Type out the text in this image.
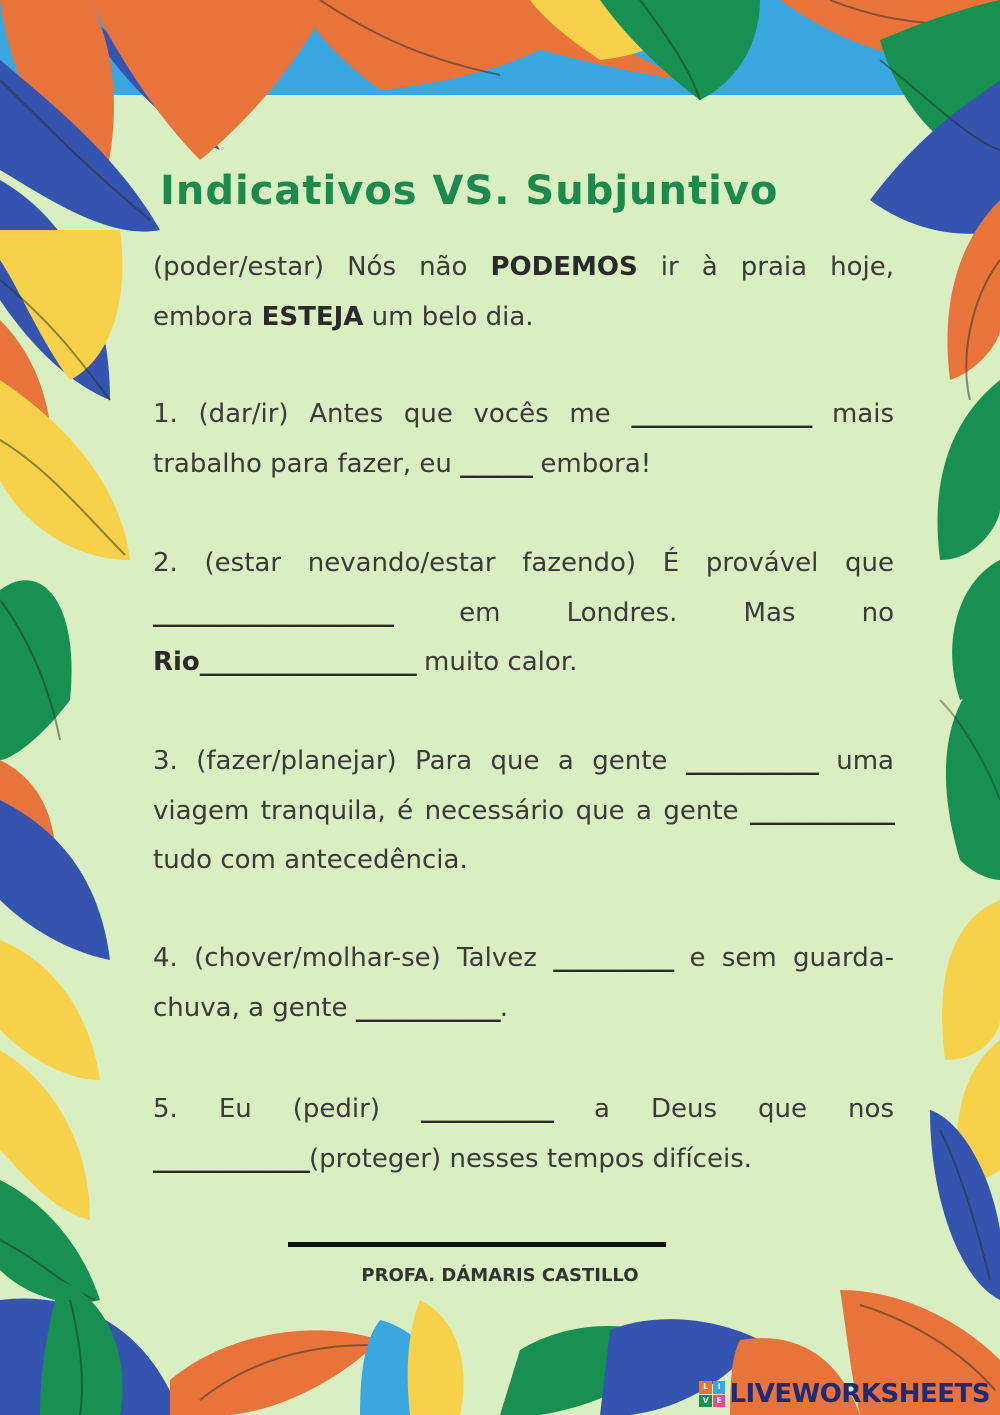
Indicativos VS. Subjuntivo
(poder/estar) Nós não PODEMOS ir à praia hoje, embora ESTEJA um belo dia.
1. (dar/ir) Antes que vocês me _______________ mais trabalho para fazer, eu ______ embora!
2. (estar nevando/estar fazendo) É provável que ____________________ em Londres. Mas no Rio__________________ muito calor.
3. (fazer/planejar) Para que a gente ___________ uma viagem tranquila, é necessário que a gente ____________ tudo com antecedência.
4. (chover/molhar-se) Talvez __________ e sem guarda-chuva, a gente ____________.
5. Eu (pedir) ___________ a Deus que nos _____________(proteger) nesses tempos difíceis.
PROFA. DÁMARIS CASTILLO
L	I
V E LIVEWORKSHEETS
